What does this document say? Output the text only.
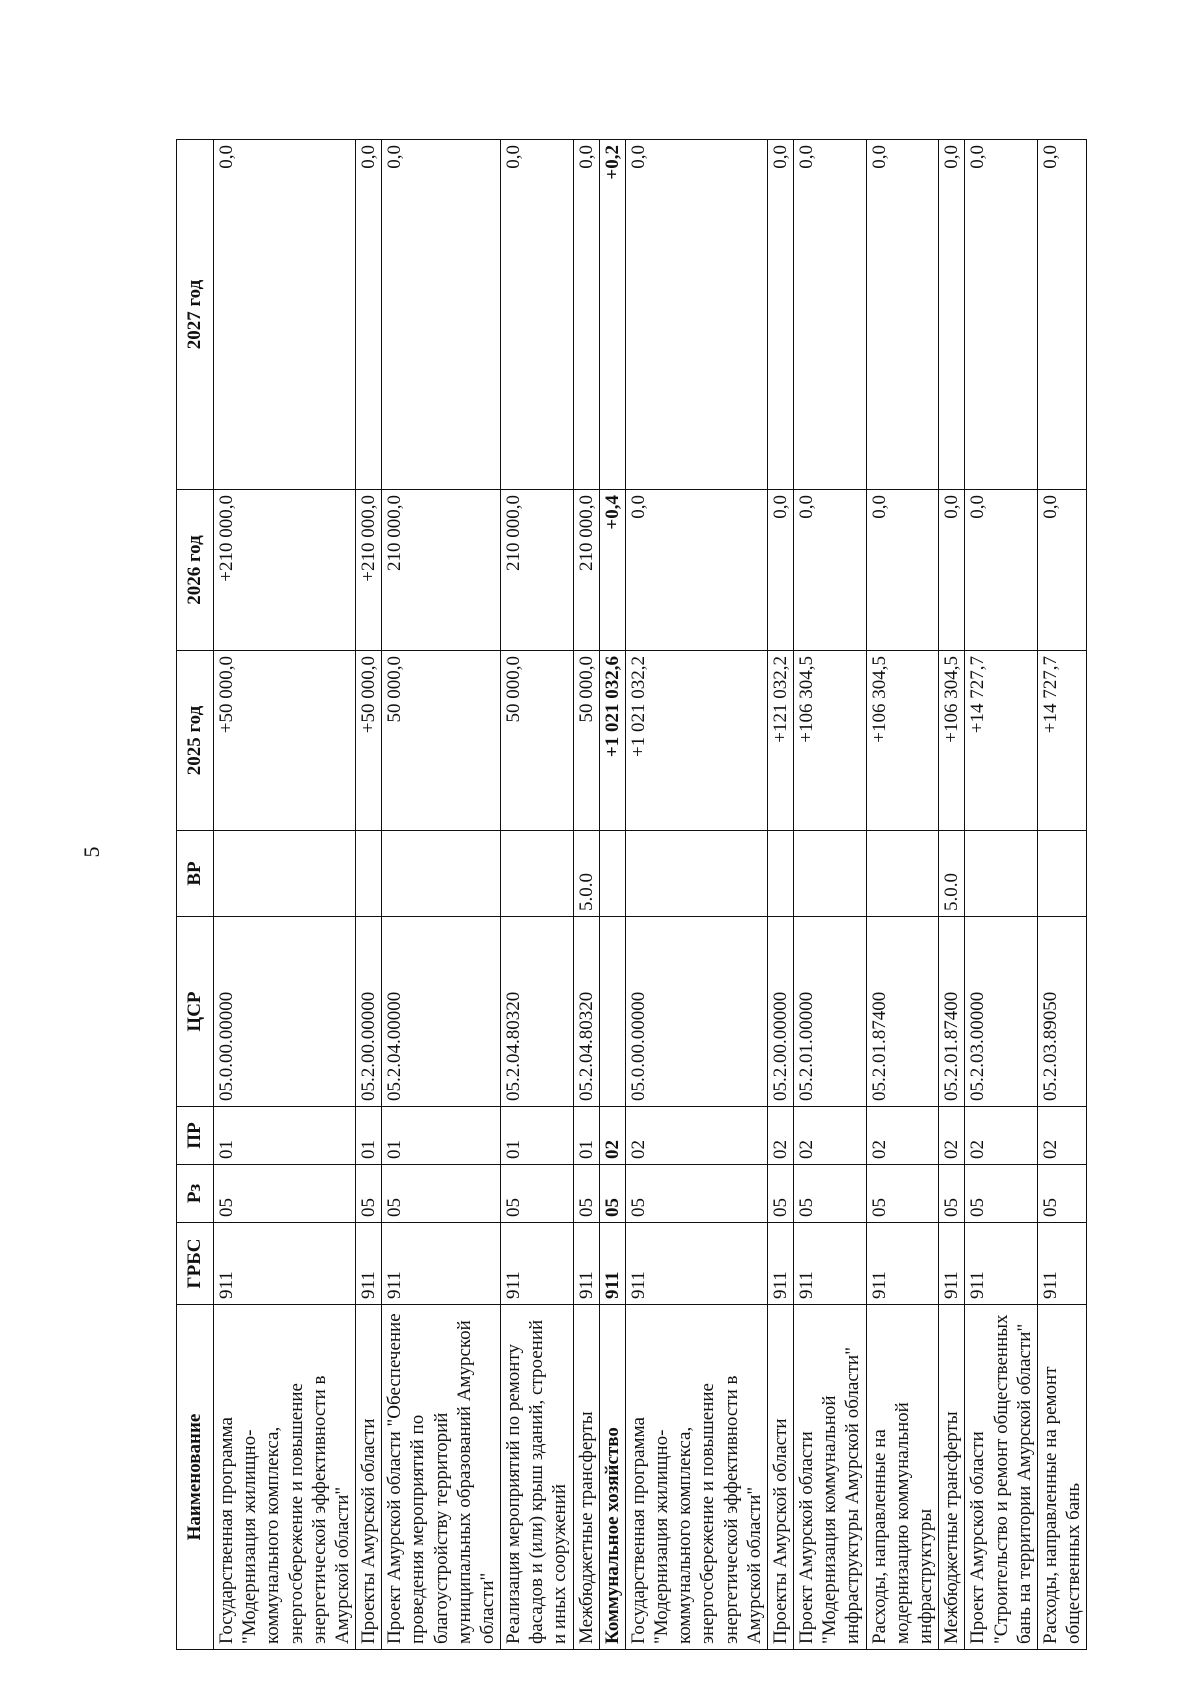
5
Наименование	ГРБС	Рз	ПР	ЦСР	ВР	2025 год	2026 год	2027 год
Государственная программа "Модернизация жилищно-коммунального комплекса, энергосбережение и повышение энергетической эффективности в Амурской области"	911	05	01	05.0.00.00000		+50 000,0	+210 000,0	0,0
Проекты Амурской области	911	05	01	05.2.00.00000		+50 000,0	+210 000,0	0,0
Проект Амурской области "Обеспечение проведения мероприятий по благоустройству территорий муниципальных образований Амурской области"	911	05	01	05.2.04.00000		50 000,0	210 000,0	0,0
Реализация мероприятий по ремонту фасадов и (или) крыш зданий, строений и иных сооружений	911	05	01	05.2.04.80320		50 000,0	210 000,0	0,0
Межбюджетные трансферты	911	05	01	05.2.04.80320	5.0.0	50 000,0	210 000,0	0,0
Коммунальное хозяйство	911	05	02			+1 021 032,6	+0,4	+0,2
Государственная программа "Модернизация жилищно-коммунального комплекса, энергосбережение и повышение энергетической эффективности в Амурской области"	911	05	02	05.0.00.00000		+1 021 032,2	0,0	0,0
Проекты Амурской области	911	05	02	05.2.00.00000		+121 032,2	0,0	0,0
Проект Амурской области "Модернизация коммунальной инфраструктуры Амурской области"	911	05	02	05.2.01.00000		+106 304,5	0,0	0,0
Расходы, направленные на модернизацию коммунальной инфраструктуры	911	05	02	05.2.01.87400		+106 304,5	0,0	0,0
Межбюджетные трансферты	911	05	02	05.2.01.87400	5.0.0	+106 304,5	0,0	0,0
Проект Амурской области "Строительство и ремонт общественных бань на территории Амурской области"	911	05	02	05.2.03.00000		+14 727,7	0,0	0,0
Расходы, направленные на ремонт общественных бань	911	05	02	05.2.03.89050		+14 727,7	0,0	0,0
